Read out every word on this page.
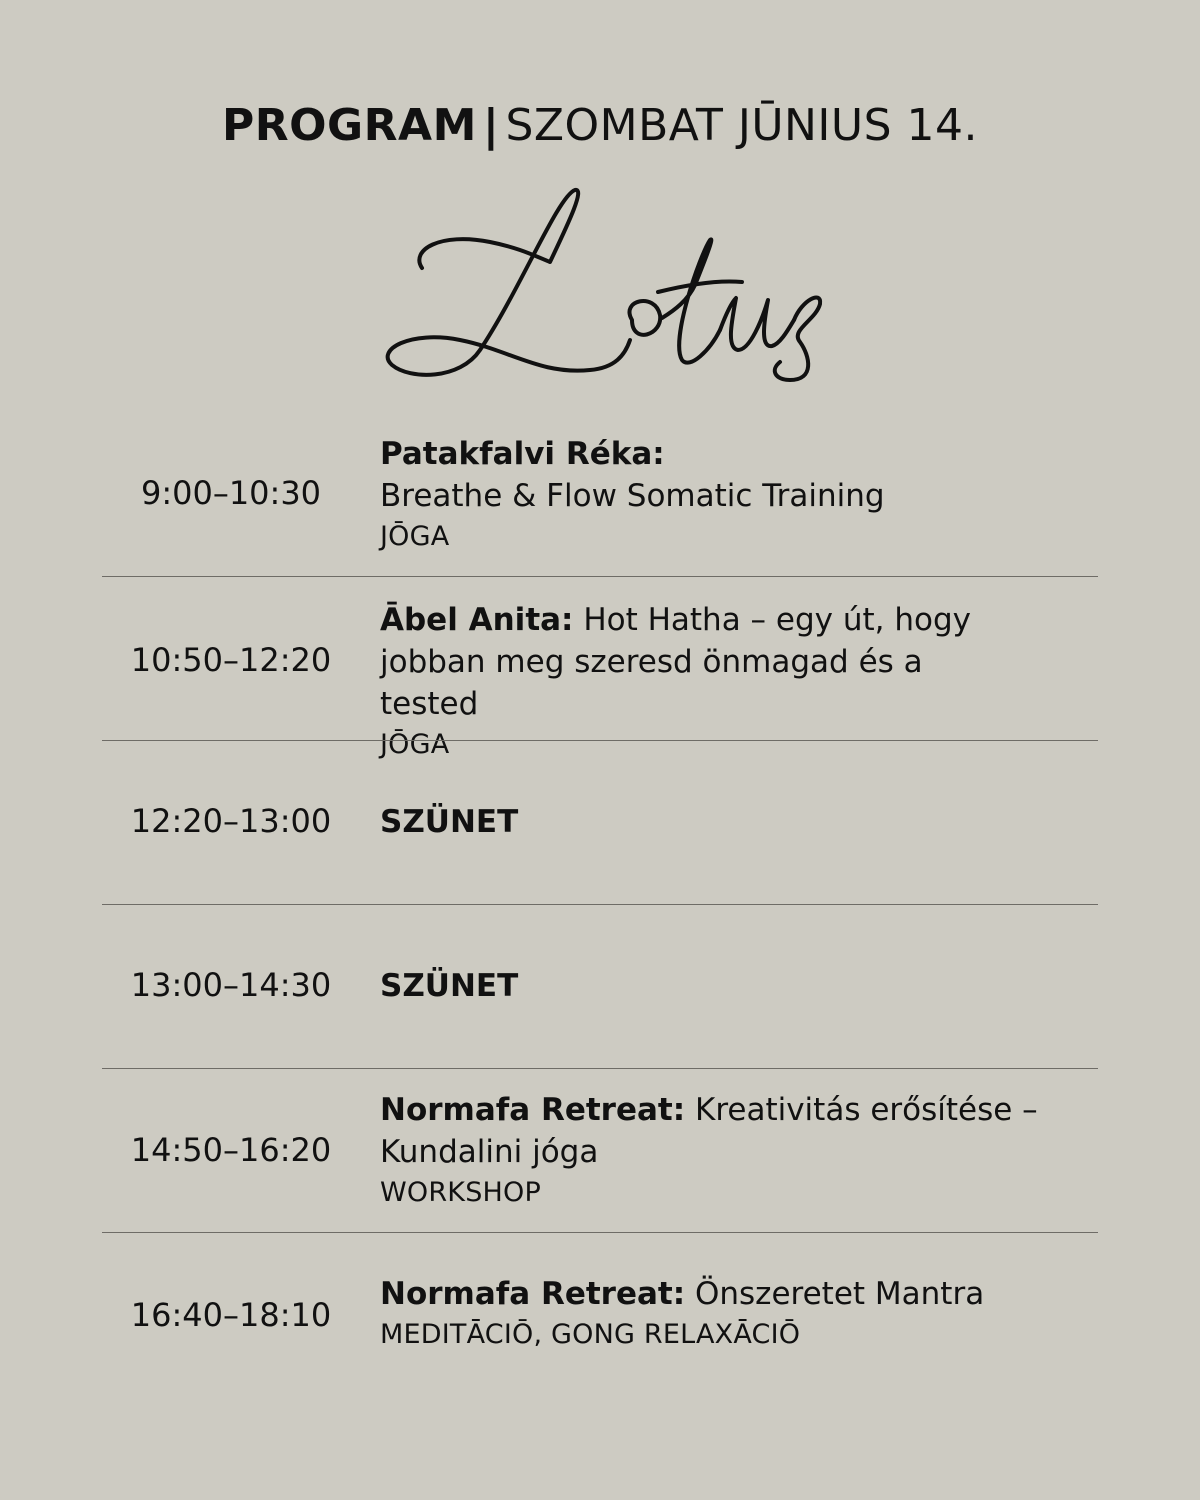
PROGRAM | SZOMBAT JŪNIUS 14.
9:00–10:30
Patakfalvi Réka:
Breathe & Flow Somatic Training
JŌGA
10:50–12:20
Ābel Anita: Hot Hatha – egy út, hogy jobban meg szeresd önmagad és a tested
JŌGA
12:20–13:00	SZÜNET
13:00–14:30	SZÜNET
14:50–16:20
Normafa Retreat: Kreativitás erősítése – Kundalini jóga
WORKSHOP
16:40–18:10
Normafa Retreat: Önszeretet Mantra
MEDITĀCIŌ, GONG RELAXĀCIŌ
